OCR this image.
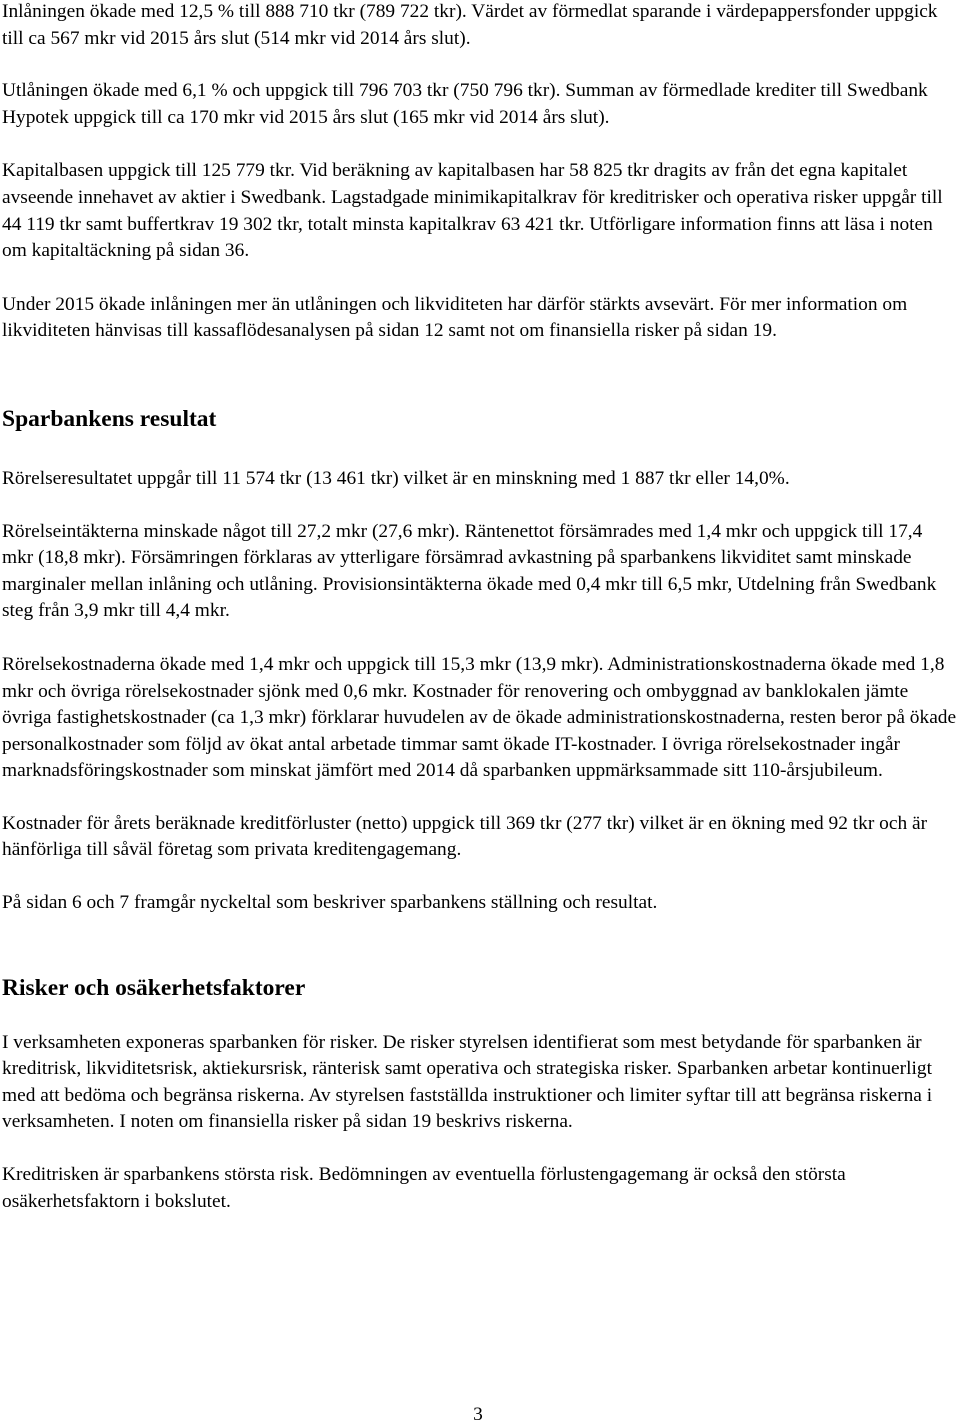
Inlåningen ökade med 12,5 % till 888 710 tkr (789 722 tkr). Värdet av förmedlat sparande i värdepappersfonder uppgick till ca 567 mkr vid 2015 års slut (514 mkr vid 2014 års slut).

Utlåningen ökade med 6,1 % och uppgick till 796 703 tkr (750 796 tkr). Summan av förmedlade krediter till Swedbank Hypotek uppgick till ca 170 mkr vid 2015 års slut (165 mkr vid 2014 års slut).

Kapitalbasen uppgick till 125 779 tkr. Vid beräkning av kapitalbasen har 58 825 tkr dragits av från det egna kapitalet avseende innehavet av aktier i Swedbank. Lagstadgade minimikapitalkrav för kreditrisker och operativa risker uppgår till 44 119 tkr samt buffertkrav 19 302 tkr, totalt minsta kapitalkrav 63 421 tkr. Utförligare information finns att läsa i noten om kapitaltäckning på sidan 36.

Under 2015 ökade inlåningen mer än utlåningen och likviditeten har därför stärkts avsevärt. För mer information om likviditeten hänvisas till kassaflödesanalysen på sidan 12 samt not om finansiella risker på sidan 19.

Sparbankens resultat

Rörelseresultatet uppgår till 11 574 tkr (13 461 tkr) vilket är en minskning med 1 887 tkr eller 14,0%.

Rörelseintäkterna minskade något till 27,2 mkr (27,6 mkr). Räntenettot försämrades med 1,4 mkr och uppgick till 17,4 mkr (18,8 mkr). Försämringen förklaras av ytterligare försämrad avkastning på sparbankens likviditet samt minskade marginaler mellan inlåning och utlåning. Provisionsintäkterna ökade med 0,4 mkr till 6,5 mkr, Utdelning från Swedbank steg från 3,9 mkr till 4,4 mkr.

Rörelsekostnaderna ökade med 1,4 mkr och uppgick till 15,3 mkr (13,9 mkr). Administrationskostnaderna ökade med 1,8 mkr och övriga rörelsekostnader sjönk med 0,6 mkr. Kostnader för renovering och ombyggnad av banklokalen jämte övriga fastighetskostnader (ca 1,3 mkr) förklarar huvudelen av de ökade administrationskostnaderna, resten beror på ökade personalkostnader som följd av ökat antal arbetade timmar samt ökade IT-kostnader. I övriga rörelsekostnader ingår marknadsföringskostnader som minskat jämfört med 2014 då sparbanken uppmärksammade sitt 110-årsjubileum.

Kostnader för årets beräknade kreditförluster (netto) uppgick till 369 tkr (277 tkr) vilket är en ökning med 92 tkr och är hänförliga till såväl företag som privata kreditengagemang.

På sidan 6 och 7 framgår nyckeltal som beskriver sparbankens ställning och resultat.

Risker och osäkerhetsfaktorer

I verksamheten exponeras sparbanken för risker. De risker styrelsen identifierat som mest betydande för sparbanken är kreditrisk, likviditetsrisk, aktiekursrisk, ränterisk samt operativa och strategiska risker. Sparbanken arbetar kontinuerligt med att bedöma och begränsa riskerna. Av styrelsen fastställda instruktioner och limiter syftar till att begränsa riskerna i verksamheten. I noten om finansiella risker på sidan 19 beskrivs riskerna.

Kreditrisken är sparbankens största risk. Bedömningen av eventuella förlustengagemang är också den största osäkerhetsfaktorn i bokslutet.

3
